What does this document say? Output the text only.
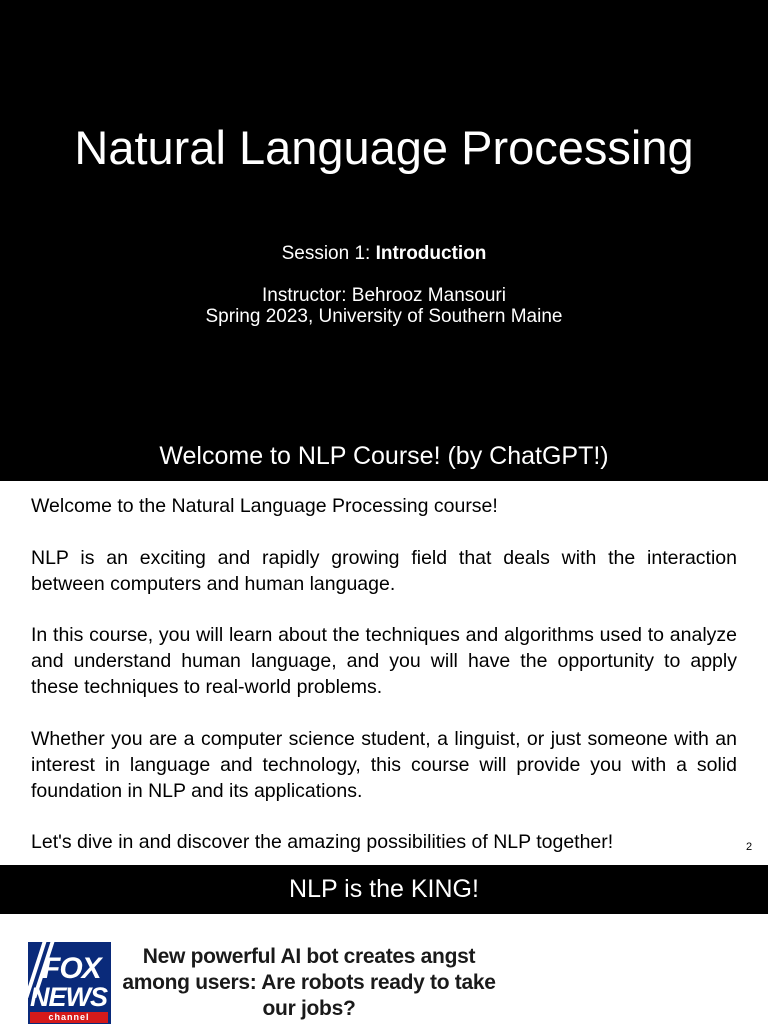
Natural Language Processing
Session 1: Introduction
Instructor: Behrooz Mansouri
Spring 2023, University of Southern Maine
Welcome to NLP Course! (by ChatGPT!)

Welcome to the Natural Language Processing course!

NLP is an exciting and rapidly growing field that deals with the interaction between computers and human language.

In this course, you will learn about the techniques and algorithms used to analyze and understand human language, and you will have the opportunity to apply these techniques to real-world problems.

Whether you are a computer science student, a linguist, or just someone with an interest in language and technology, this course will provide you with a solid foundation in NLP and its applications.

Let's dive in and discover the amazing possibilities of NLP together!	2
NLP is the KING!
FOX
NEWS
channel
New powerful AI bot creates angst among users: Are robots ready to take our jobs?
